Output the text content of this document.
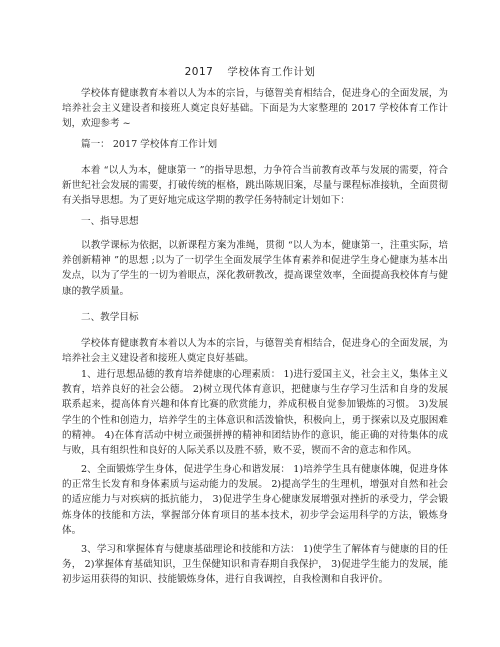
2017 学校体育工作计划
学校体育健康教育本着以人为本的宗旨，与德智美育相结合，促进身心的全面发展，为培养社会主义建设者和接班人奠定良好基础。下面是为大家整理的 2017 学校体育工作计划，欢迎参考 ~
篇一： 2017 学校体育工作计划
本着 “以人为本，健康第一 ”的指导思想，力争符合当前教育改革与发展的需要，符合新世纪社会发展的需要，打破传统的框格，跳出陈规旧案，尽量与课程标准接轨，全面贯彻有关指导思想。为了更好地完成这学期的教学任务特制定计划如下：
一、指导思想
以教学课标为依据，以新课程方案为准绳，贯彻 “以人为本，健康第一，注重实际，培养创新精神 ”的思想 ;以为了一切学生全面发展学生体育素养和促进学生身心健康为基本出发点，以为了学生的一切为着眼点，深化教研教改，提高课堂效率，全面提高我校体育与健康的教学质量。
二、教学目标
学校体育健康教育本着以人为本的宗旨，与德智美育相结合，促进身心的全面发展，为培养社会主义建设者和接班人奠定良好基础。
1、进行思想品德的教育培养健康的心理素质： 1)进行爱国主义，社会主义，集体主义教育，培养良好的社会公德。 2)树立现代体育意识，把健康与生存学习生活和自身的发展联系起来，提高体育兴趣和体育比赛的欣赏能力，养成积极自觉参加锻炼的习惯。 3)发展学生的个性和创造力，培养学生的主体意识和活泼愉快，积极向上，勇于探索以及克服困难的精神。 4)在体育活动中树立顽强拼搏的精神和团结协作的意识，能正确的对待集体的成与败，具有组织性和良好的人际关系以及胜不骄，败不妥，锲而不舍的意志和作风。
2、全面锻炼学生身体，促进学生身心和谐发展： 1)培养学生具有健康体魄，促进身体的正常生长发育和身体素质与运动能力的发展。 2)提高学生的生理机，增强对自然和社会的适应能力与对疾病的抵抗能力， 3)促进学生身心健康发展增强对挫折的承受力，学会锻炼身体的技能和方法，掌握部分体育项目的基本技术，初步学会运用科学的方法，锻炼身体。
3、学习和掌握体育与健康基础理论和技能和方法： 1)使学生了解体育与健康的目的任务， 2)掌握体育基础知识，卫生保健知识和青春期自我保护， 3)促进学生能力的发展，能初步运用获得的知识、技能锻炼身体，进行自我调控，自我检测和自我评价。
